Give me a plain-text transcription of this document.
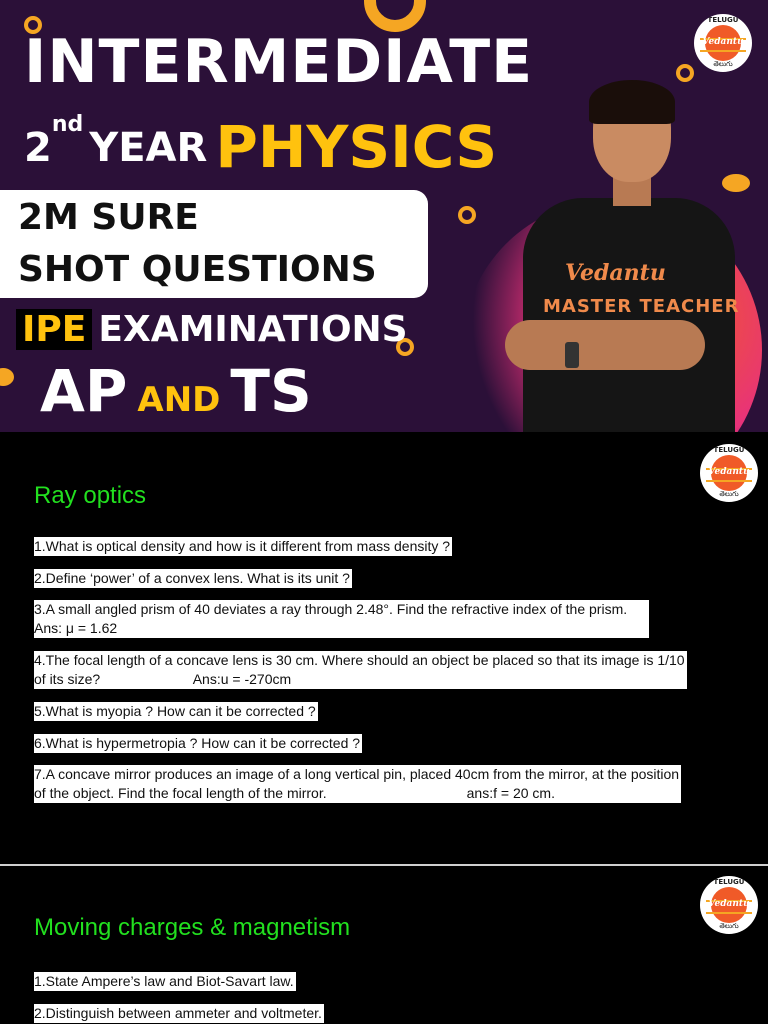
Vedantu
MASTER TEACHER
INTERMEDIATE
2ndYEAR PHYSICS
2M SURE
SHOT QUESTIONS
IPE EXAMINATIONS
AP AND TS
TELUGU
Vedantu
తెలుగు
TELUGU
Vedantu
తెలుగు
Ray optics
1.What is optical density and how is it different from mass density ?
2.Define ‘power’ of a convex lens. What is its unit ?
3.A small angled prism of 40 deviates a ray through 2.48°. Find the refractive index of the prism.
Ans: μ = 1.62
4.The focal length of a concave lens is 30 cm. Where should an object be placed so that its image is 1/10
of its size?                        Ans:u = -270cm
5.What is myopia ? How can it be corrected ?
6.What is hypermetropia ? How can it be corrected ?
7.A concave mirror produces an image of a long vertical pin, placed 40cm from the mirror, at the position
of the object. Find the focal length of the mirror.                                    ans:f = 20 cm.
TELUGU
Vedantu
తెలుగు
Moving charges & magnetism
1.State Ampere’s law and Biot-Savart law.
2.Distinguish between ammeter and voltmeter.
